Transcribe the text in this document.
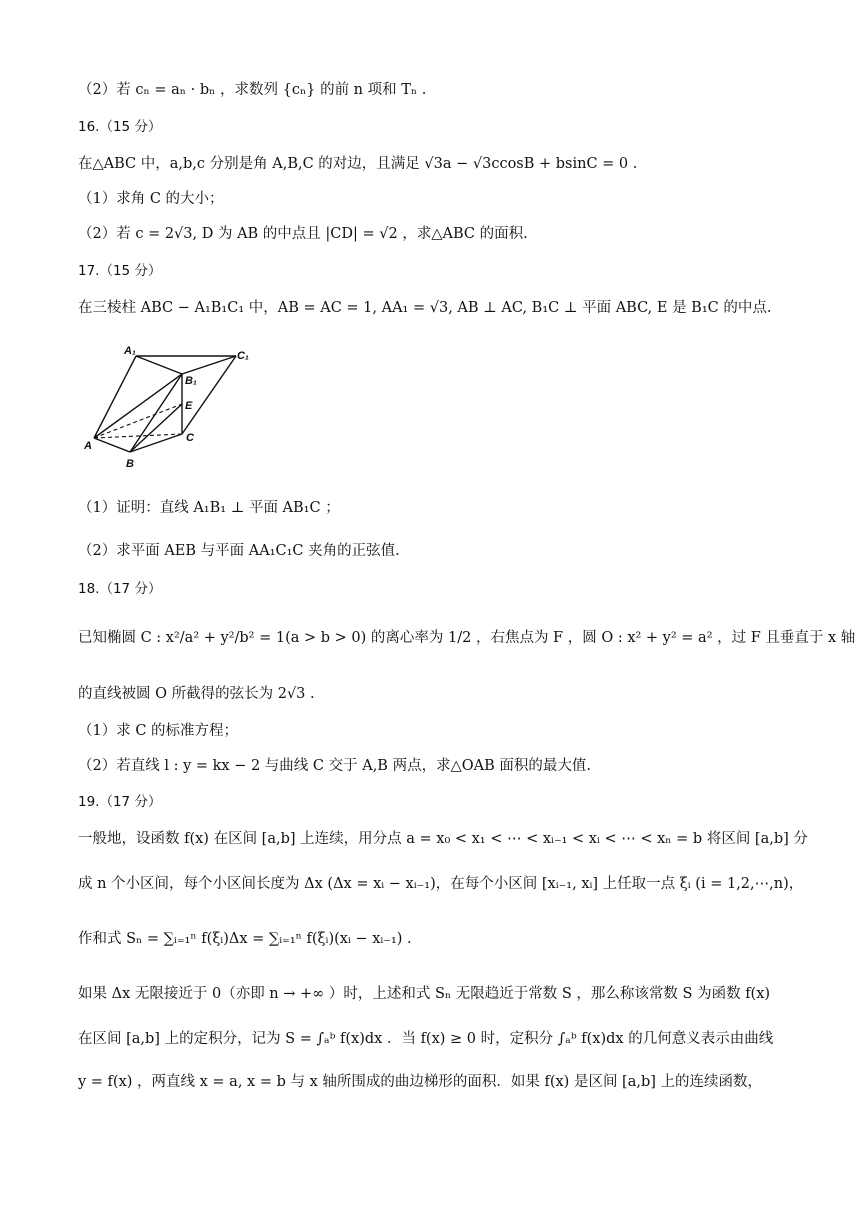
（2）若 cₙ = aₙ · bₙ ，求数列 {cₙ} 的前 n 项和 Tₙ .
16.（15 分）
在△ABC 中，a,b,c 分别是角 A,B,C 的对边，且满足 √3a − √3ccosB + bsinC = 0 .
（1）求角 C 的大小；
（2）若 c = 2√3, D 为 AB 的中点且 |CD| = √2 ，求△ABC 的面积.
17.（15 分）
在三棱柱 ABC − A₁B₁C₁ 中，AB = AC = 1, AA₁ = √3, AB ⊥ AC, B₁C ⊥ 平面 ABC, E 是 B₁C 的中点.
（1）证明：直线 A₁B₁ ⊥ 平面 AB₁C ；
（2）求平面 AEB 与平面 AA₁C₁C 夹角的正弦值.
18.（17 分）
已知椭圆 C : x²/a² + y²/b² = 1(a > b > 0) 的离心率为 1/2 ，右焦点为 F ，圆 O : x² + y² = a² ，过 F 且垂直于 x 轴
的直线被圆 O 所截得的弦长为 2√3 .
（1）求 C 的标准方程；
（2）若直线 l : y = kx − 2 与曲线 C 交于 A,B 两点，求△OAB 面积的最大值.
19.（17 分）
一般地，设函数 f(x) 在区间 [a,b] 上连续，用分点 a = x₀ < x₁ < ⋯ < xᵢ₋₁ < xᵢ < ⋯ < xₙ = b 将区间 [a,b] 分
成 n 个小区间，每个小区间长度为 Δx (Δx = xᵢ − xᵢ₋₁)，在每个小区间 [xᵢ₋₁, xᵢ] 上任取一点 ξᵢ (i = 1,2,⋯,n)，
作和式 Sₙ = ∑ᵢ₌₁ⁿ f(ξᵢ)Δx = ∑ᵢ₌₁ⁿ f(ξᵢ)(xᵢ − xᵢ₋₁) .
如果 Δx 无限接近于 0（亦即 n → +∞ ）时，上述和式 Sₙ 无限趋近于常数 S ，那么称该常数 S 为函数 f(x)
在区间 [a,b] 上的定积分，记为 S = ∫ₐᵇ f(x)dx ．当 f(x) ≥ 0 时，定积分 ∫ₐᵇ f(x)dx 的几何意义表示由曲线
y = f(x) ，两直线 x = a, x = b 与 x 轴所围成的曲边梯形的面积．如果 f(x) 是区间 [a,b] 上的连续函数，
A₁	C₁
B₁
E
A
C
B
